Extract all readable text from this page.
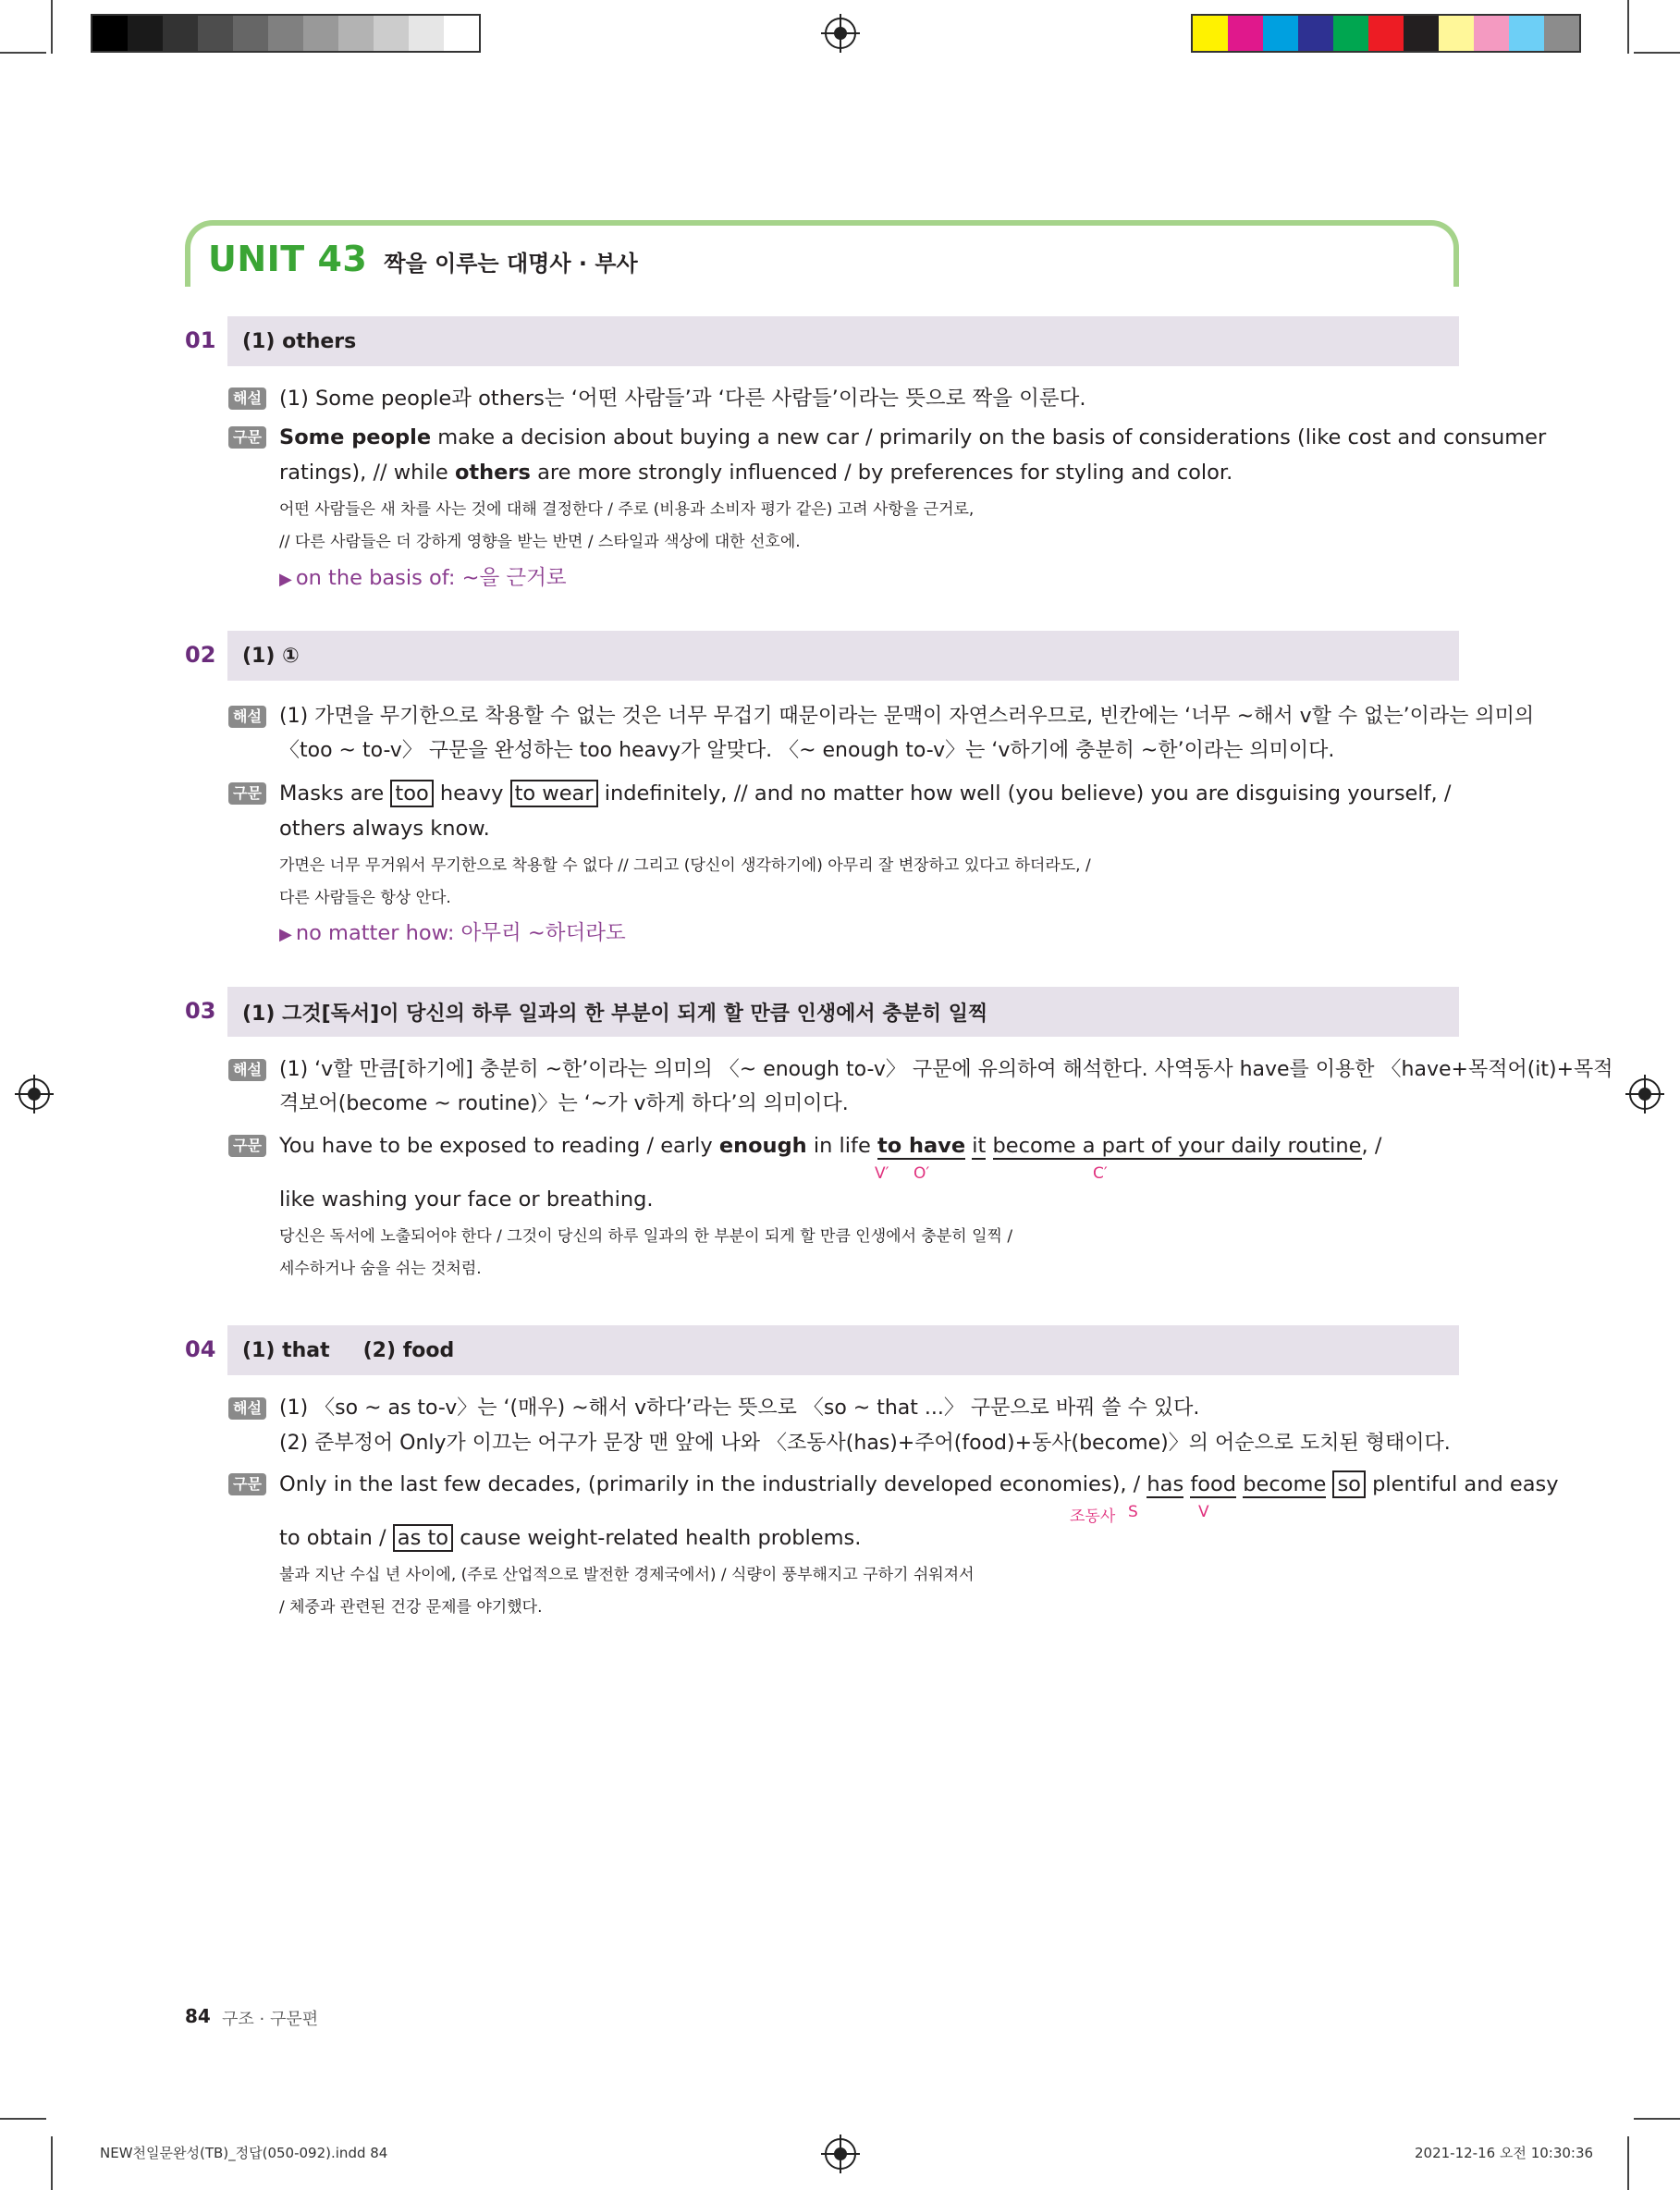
UNIT 43 짝을 이루는 대명사 · 부사
01 (1) others
해설 (1) Some people과 others는 ‘어떤 사람들’과 ‘다른 사람들’이라는 뜻으로 짝을 이룬다.
구문 Some people make a decision about buying a new car / primarily on the basis of considerations (like cost and consumer
ratings), // while others are more strongly influenced / by preferences for styling and color.
어떤 사람들은 새 차를 사는 것에 대해 결정한다 / 주로 (비용과 소비자 평가 같은) 고려 사항을 근거로,
// 다른 사람들은 더 강하게 영향을 받는 반면 / 스타일과 색상에 대한 선호에.
▶ on the basis of: ~을 근거로
02 (1) ①
해설 (1) 가면을 무기한으로 착용할 수 없는 것은 너무 무겁기 때문이라는 문맥이 자연스러우므로, 빈칸에는 ‘너무 ~해서 v할 수 없는’이라는 의미의
〈too ~ to-v〉 구문을 완성하는 too heavy가 알맞다. 〈~ enough to-v〉는 ‘v하기에 충분히 ~한’이라는 의미이다.
구문 Masks are too heavy to wear indefinitely, // and no matter how well (you believe) you are disguising yourself, /
others always know.
가면은 너무 무거워서 무기한으로 착용할 수 없다 // 그리고 (당신이 생각하기에) 아무리 잘 변장하고 있다고 하더라도, /
다른 사람들은 항상 안다.
▶ no matter how: 아무리 ~하더라도
03 (1) 그것[독서]이 당신의 하루 일과의 한 부분이 되게 할 만큼 인생에서 충분히 일찍
해설 (1) ‘v할 만큼[하기에] 충분히 ~한’이라는 의미의 〈~ enough to-v〉 구문에 유의하여 해석한다. 사역동사 have를 이용한 〈have+목적어(it)+목적
격보어(become ~ routine)〉는 ‘~가 v하게 하다’의 의미이다.
구문 You have to be exposed to reading / early enough in life to have it become a part of your daily routine, /
V′ O′	C′
like washing your face or breathing.
당신은 독서에 노출되어야 한다 / 그것이 당신의 하루 일과의 한 부분이 되게 할 만큼 인생에서 충분히 일찍 /
세수하거나 숨을 쉬는 것처럼.
04 (1) that (2) food
해설 (1) 〈so ~ as to-v〉는 ‘(매우) ~해서 v하다’라는 뜻으로 〈so ~ that ...〉 구문으로 바꿔 쓸 수 있다.
(2) 준부정어 Only가 이끄는 어구가 문장 맨 앞에 나와 〈조동사(has)+주어(food)+동사(become)〉의 어순으로 도치된 형태이다.
구문 Only in the last few decades, (primarily in the industrially developed economies), / has food become so plentiful and easy
조동사 S	V
to obtain / as to cause weight-related health problems.
불과 지난 수십 년 사이에, (주로 산업적으로 발전한 경제국에서) / 식량이 풍부해지고 구하기 쉬워져서
/ 체중과 관련된 건강 문제를 야기했다.
84 구조 · 구문편
NEW천일문완성(TB)_정답(050-092).indd 84	2021-12-16 오전 10:30:36
